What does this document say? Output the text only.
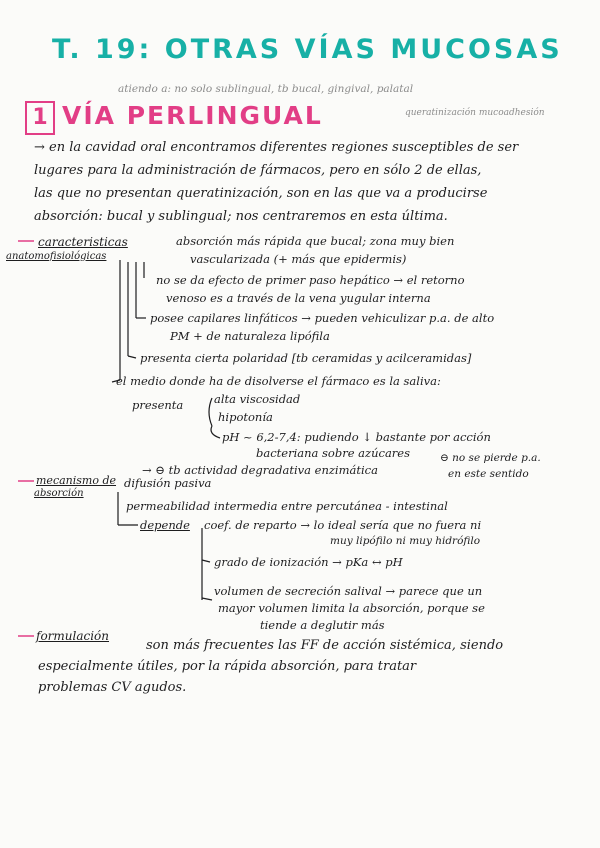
T. 19: OTRAS VÍAS MUCOSAS
atiendo a: no solo sublingual, tb bucal, gingival, palatal
queratinización mucoadhesión
1 VÍA PERLINGUAL
→ en la cavidad oral encontramos diferentes regiones susceptibles de ser
lugares para la administración de fármacos, pero en sólo 2 de ellas,
las que no presentan queratinización, son en las que va a producirse
absorción: bucal y sublingual; nos centraremos en esta última.
caracteristicas
anatomofisiológicas
absorción más rápida que bucal; zona muy bien
vascularizada (+ más que epidermis)
no se da efecto de primer paso hepático → el retorno
venoso es a través de la vena yugular interna
posee capilares linfáticos → pueden vehiculizar p.a. de alto
PM + de naturaleza lipófila
presenta cierta polaridad [tb ceramidas y acilceramidas]
el medio donde ha de disolverse el fármaco es la saliva:
presenta	alta viscosidad
hipotonía
pH ~ 6,2-7,4: pudiendo ↓ bastante por acción
bacteriana sobre azúcares
→ ⊖ tb actividad degradativa enzimática
⊖ no se pierde p.a.
en este sentido
mecanismo de
absorción
difusión pasiva
permeabilidad intermedia entre percutánea - intestinal
depende coef. de reparto → lo ideal sería que no fuera ni
muy lipófilo ni muy hidrófilo
grado de ionización → pKa ↔ pH
volumen de secreción salival → parece que un
mayor volumen limita la absorción, porque se
tiende a deglutir más
formulación
son más frecuentes las FF de acción sistémica, siendo
especialmente útiles, por la rápida absorción, para tratar
problemas CV agudos.
